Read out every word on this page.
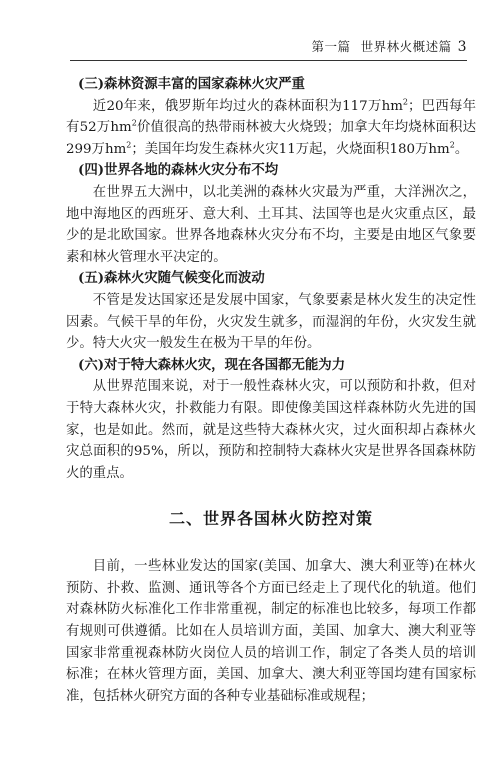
第一篇 世界林火概述篇 3
(三)森林资源丰富的国家森林火灾严重

近20年来，俄罗斯年均过火的森林面积为117万$hm^2$；巴西每年有52万$hm^2$价值很高的热带雨林被大火烧毁；加拿大年均烧林面积达299万$hm^2$；美国年均发生森林火灾11万起，火烧面积180万$hm^2$。

(四)世界各地的森林火灾分布不均

在世界五大洲中，以北美洲的森林火灾最为严重，大洋洲次之，地中海地区的西班牙、意大利、土耳其、法国等也是火灾重点区，最少的是北欧国家。世界各地森林火灾分布不均，主要是由地区气象要素和林火管理水平决定的。

(五)森林火灾随气候变化而波动

不管是发达国家还是发展中国家，气象要素是林火发生的决定性因素。气候干旱的年份，火灾发生就多，而湿润的年份，火灾发生就少。特大火灾一般发生在极为干旱的年份。

(六)对于特大森林火灾，现在各国都无能为力

从世界范围来说，对于一般性森林火灾，可以预防和扑救，但对于特大森林火灾，扑救能力有限。即使像美国这样森林防火先进的国家，也是如此。然而，就是这些特大森林火灾，过火面积却占森林火灾总面积的95%，所以，预防和控制特大森林火灾是世界各国森林防火的重点。

二、世界各国林火防控对策

目前，一些林业发达的国家(美国、加拿大、澳大利亚等)在林火预防、扑救、监测、通讯等各个方面已经走上了现代化的轨道。他们对森林防火标准化工作非常重视，制定的标准也比较多，每项工作都有规则可供遵循。比如在人员培训方面，美国、加拿大、澳大利亚等国家非常重视森林防火岗位人员的培训工作，制定了各类人员的培训标准；在林火管理方面，美国、加拿大、澳大利亚等国均建有国家标准，包括林火研究方面的各种专业基础标准或规程；
